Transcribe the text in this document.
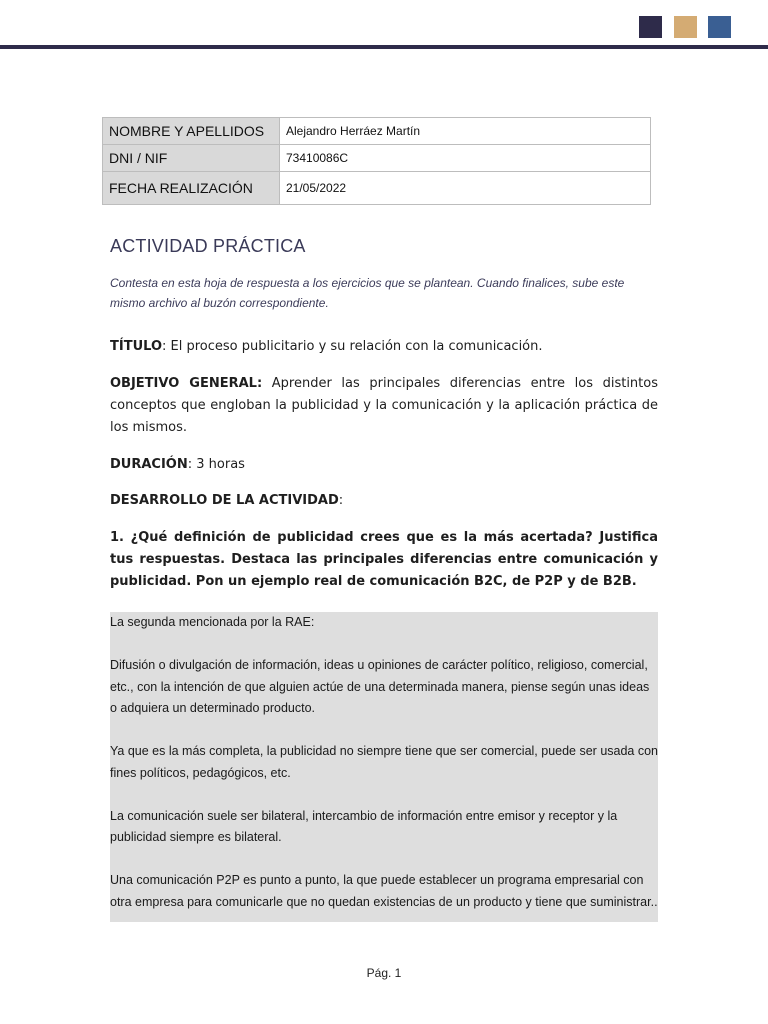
NOMBRE Y APELLIDOS	Alejandro Herráez Martín
DNI / NIF	73410086C
FECHA REALIZACIÓN	21/05/2022
ACTIVIDAD PRÁCTICA
Contesta en esta hoja de respuesta a los ejercicios que se plantean. Cuando finalices, sube este mismo archivo al buzón correspondiente.
TÍTULO: El proceso publicitario y su relación con la comunicación.
OBJETIVO GENERAL: Aprender las principales diferencias entre los distintos conceptos que engloban la publicidad y la comunicación y la aplicación práctica de los mismos.
DURACIÓN: 3 horas
DESARROLLO DE LA ACTIVIDAD:
1. ¿Qué definición de publicidad crees que es la más acertada? Justifica tus respuestas. Destaca las principales diferencias entre comunicación y publicidad. Pon un ejemplo real de comunicación B2C, de P2P y de B2B.

La segunda mencionada por la RAE:

Difusión o divulgación de información, ideas u opiniones de carácter político, religioso, comercial, etc., con la intención de que alguien actúe de una determinada manera, piense según unas ideas o adquiera un determinado producto.

Ya que es la más completa, la publicidad no siempre tiene que ser comercial, puede ser usada con fines políticos, pedagógicos, etc.

La comunicación suele ser bilateral, intercambio de información entre emisor y receptor y la publicidad siempre es bilateral.

Una comunicación P2P es punto a punto, la que puede establecer un programa empresarial con otra empresa para comunicarle que no quedan existencias de un producto y tiene que suministrar..

Pág. 1
